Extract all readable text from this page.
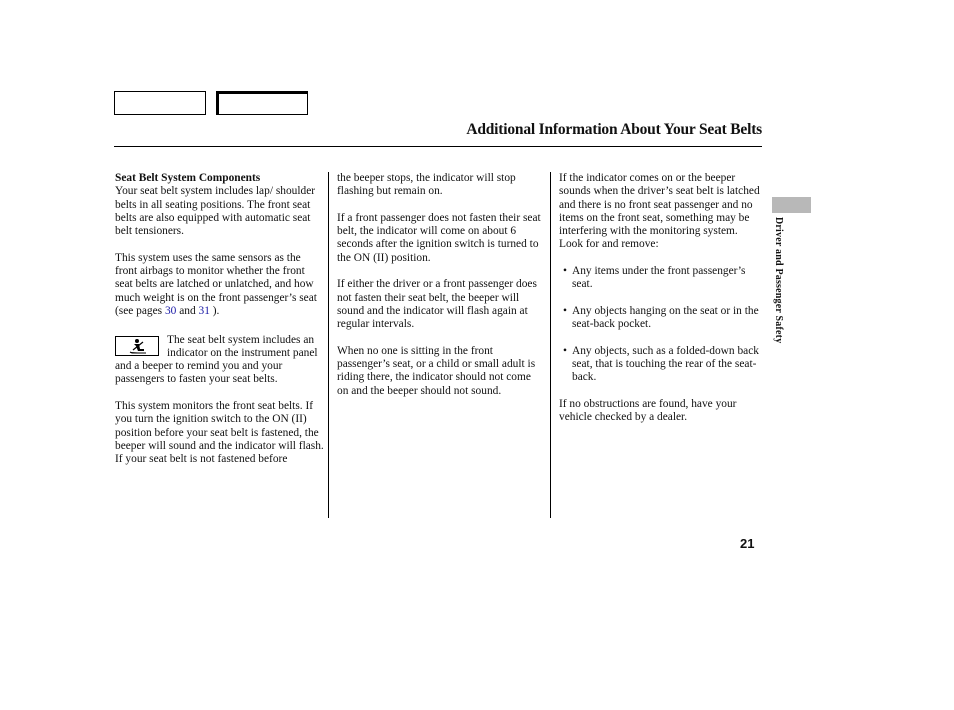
Additional Information About Your Seat Belts

Seat Belt System Components
Your seat belt system includes lap/ shoulder belts in all seating positions. The front seat belts are also equipped with automatic seat belt tensioners.

This system uses the same sensors as the front airbags to monitor whether the front seat belts are latched or unlatched, and how much weight is on the front passenger’s seat (see pages 30 and 31 ).

The seat belt system includes an indicator on the instrument panel and a beeper to remind you and your passengers to fasten your seat belts.

This system monitors the front seat belts. If you turn the ignition switch to the ON (II) position before your seat belt is fastened, the beeper will sound and the indicator will flash. If your seat belt is not fastened before

the beeper stops, the indicator will stop flashing but remain on.

If a front passenger does not fasten their seat belt, the indicator will come on about 6 seconds after the ignition switch is turned to the ON (II) position.

If either the driver or a front passenger does not fasten their seat belt, the beeper will sound and the indicator will flash again at regular intervals.

When no one is sitting in the front passenger’s seat, or a child or small adult is riding there, the indicator should not come on and the beeper should not sound.

If the indicator comes on or the beeper sounds when the driver’s seat belt is latched and there is no front seat passenger and no items on the front seat, something may be interfering with the monitoring system. Look for and remove:

• Any items under the front passenger’s seat.
• Any objects hanging on the seat or in the seat-back pocket.
• Any objects, such as a folded-down back seat, that is touching the rear of the seat-back.

If no obstructions are found, have your vehicle checked by a dealer.

Driver and Passenger Safety
21
